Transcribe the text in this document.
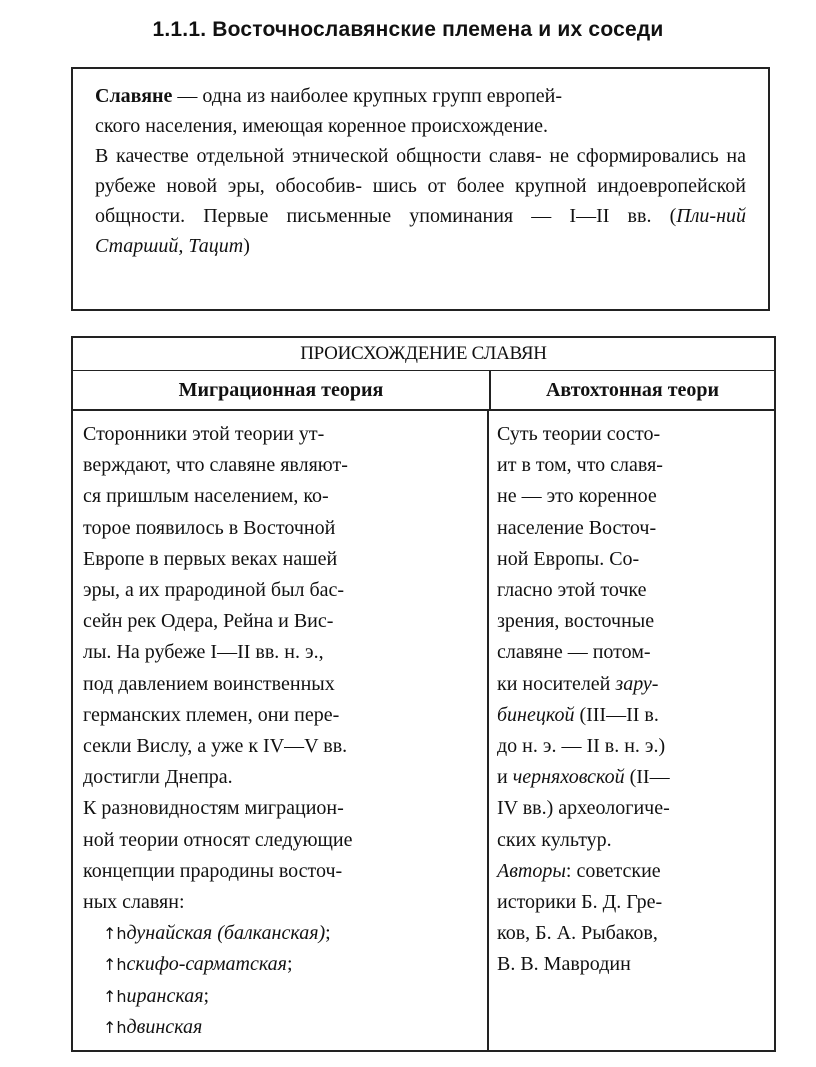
1.1.1. Восточнославянские племена и их соседи

Славяне — одна из наиболее крупных групп европей-
ского населения, имеющая коренное происхождение.

В качестве отдельной этнической общности славя- не сформировались на рубеже новой эры, обособив- шись от более крупной индоевропейской общности. Первые письменные упоминания — I—II вв. (Пли-ний Старший, Тацит)

ПРОИСХОЖДЕНИЕ СЛАВЯН
Миграционная теория	Автохтонная теори
Сторонники этой теории ут-
верждают, что славяне являют-
ся пришлым населением, ко-
торое появилось в Восточной
Европе в первых веках нашей
эры, а их прародиной был бас-
сейн рек Одера, Рейна и Вис-
лы. На рубеже I—II вв. н. э.,
под давлением воинственных
германских племен, они пере-
секли Вислу, а уже к IV—V вв.
достигли Днепра.
К разновидностям миграцион-
ной теории относят следующие
концепции прародины восточ-
ных славян:
↑hдунайская (балканская);
↑hскифо-сарматская;
↑hиранская;
↑hдвинская
Суть теории состо-
ит в том, что славя-
не — это коренное
население Восточ-
ной Европы. Со-
гласно этой точке
зрения, восточные
славяне — потом-
ки носителей зару-
бинецкой (III—II в.
до н. э. — II в. н. э.)
и черняховской (II—
IV вв.) археологиче-
ских культур.
Авторы: советские
историки Б. Д. Гре-
ков, Б. А. Рыбаков,
В. В. Мавродин
